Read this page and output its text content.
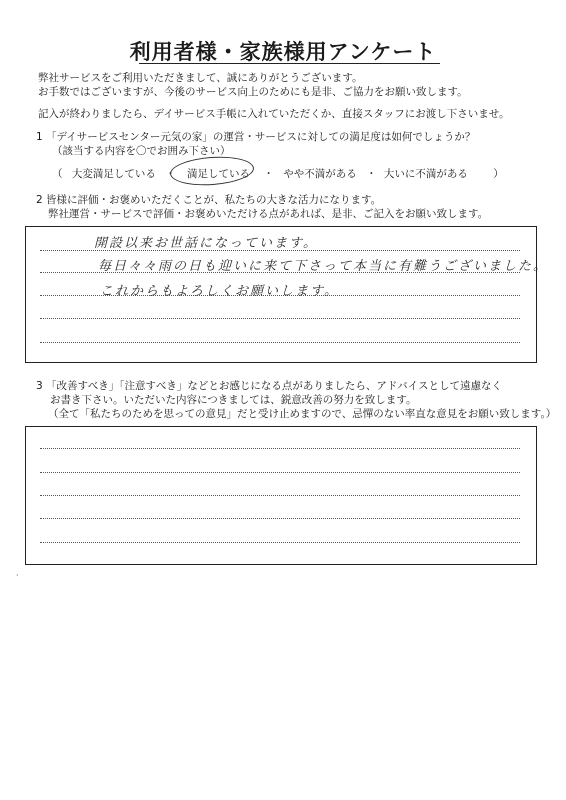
利用者様・家族様用アンケート
弊社サービスをご利用いただきまして、誠にありがとうございます。
お手数ではございますが、今後のサービス向上のためにも是非、ご協力をお願い致します。
記入が終わりましたら、デイサービス手帳に入れていただくか、直接スタッフにお渡し下さいませ。
1 「デイサービスセンター元気の家」の運営・サービスに対しての満足度は如何でしょうか？
（該当する内容を〇でお囲み下さい）
（ 大変満足している ・ 満足している ・ やや不満がある ・ 大いに不満がある ）
2 皆様に評価・お褒めいただくことが、私たちの大きな活力になります。
弊社運営・サービスで評価・お褒めいただける点があれば、是非、ご記入をお願い致します。
開設以来お世話になっています。
毎日々々雨の日も迎いに来て下さって本当に有難うございました。
これからもよろしくお願いします。
3 「改善すべき」「注意すべき」などとお感じになる点がありましたら、アドバイスとして遠慮なく
お書き下さい。いただいた内容につきましては、鋭意改善の努力を致します。
（全て「私たちのためを思っての意見」だと受け止めますので、忌憚のない率直な意見をお願い致します。）
·
